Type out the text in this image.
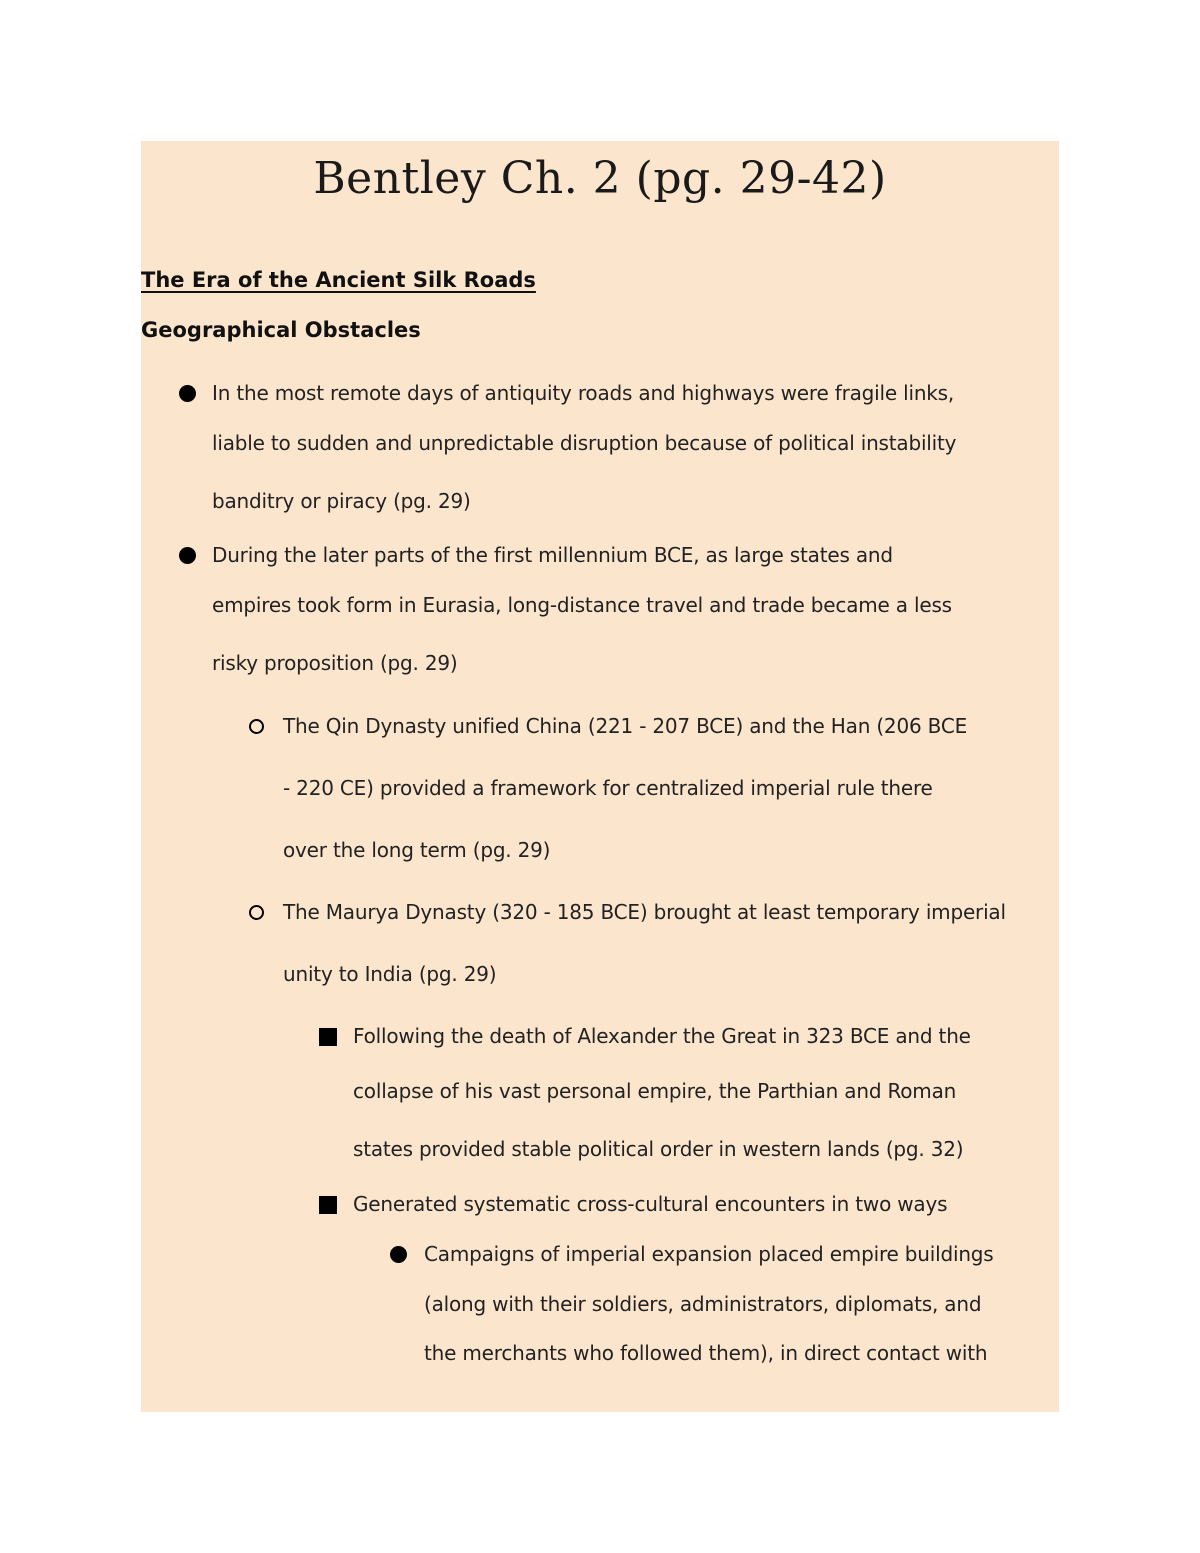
Bentley Ch. 2 (pg. 29-42)
The Era of the Ancient Silk Roads
Geographical Obstacles
In the most remote days of antiquity roads and highways were fragile links,
liable to sudden and unpredictable disruption because of political instability
banditry or piracy (pg. 29)
During the later parts of the first millennium BCE, as large states and
empires took form in Eurasia, long-distance travel and trade became a less
risky proposition (pg. 29)
The Qin Dynasty unified China (221 - 207 BCE) and the Han (206 BCE
- 220 CE) provided a framework for centralized imperial rule there
over the long term (pg. 29)
The Maurya Dynasty (320 - 185 BCE) brought at least temporary imperial
unity to India (pg. 29)
Following the death of Alexander the Great in 323 BCE and the
collapse of his vast personal empire, the Parthian and Roman
states provided stable political order in western lands (pg. 32)
Generated systematic cross-cultural encounters in two ways
Campaigns of imperial expansion placed empire buildings
(along with their soldiers, administrators, diplomats, and
the merchants who followed them), in direct contact with
